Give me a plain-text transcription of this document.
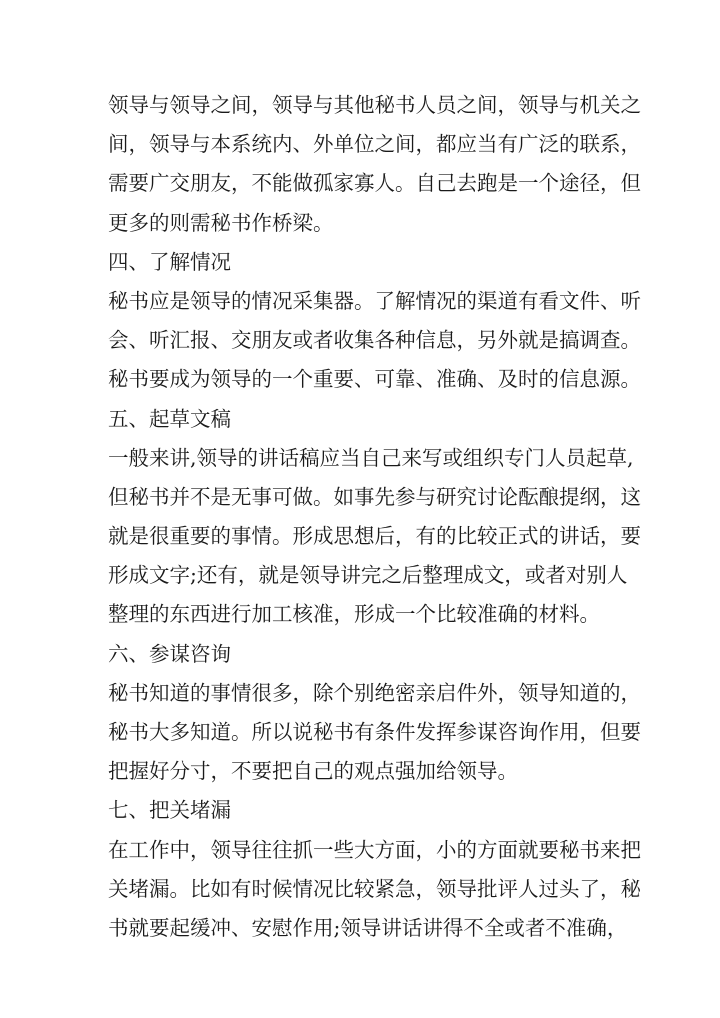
领导与领导之间，领导与其他秘书人员之间，领导与机关之
间，领导与本系统内、外单位之间，都应当有广泛的联系，
需要广交朋友，不能做孤家寡人。自己去跑是一个途径，但
更多的则需秘书作桥梁。
四、了解情况
秘书应是领导的情况采集器。了解情况的渠道有看文件、听
会、听汇报、交朋友或者收集各种信息，另外就是搞调查。
秘书要成为领导的一个重要、可靠、准确、及时的信息源。
五、起草文稿
一般来讲,领导的讲话稿应当自己来写或组织专门人员起草,
但秘书并不是无事可做。如事先参与研究讨论酝酿提纲，这
就是很重要的事情。形成思想后，有的比较正式的讲话，要
形成文字;还有，就是领导讲完之后整理成文，或者对别人
整理的东西进行加工核准，形成一个比较准确的材料。
六、参谋咨询
秘书知道的事情很多，除个别绝密亲启件外，领导知道的，
秘书大多知道。所以说秘书有条件发挥参谋咨询作用，但要
把握好分寸，不要把自己的观点强加给领导。
七、把关堵漏
在工作中，领导往往抓一些大方面，小的方面就要秘书来把
关堵漏。比如有时候情况比较紧急，领导批评人过头了，秘
书就要起缓冲、安慰作用;领导讲话讲得不全或者不准确，
